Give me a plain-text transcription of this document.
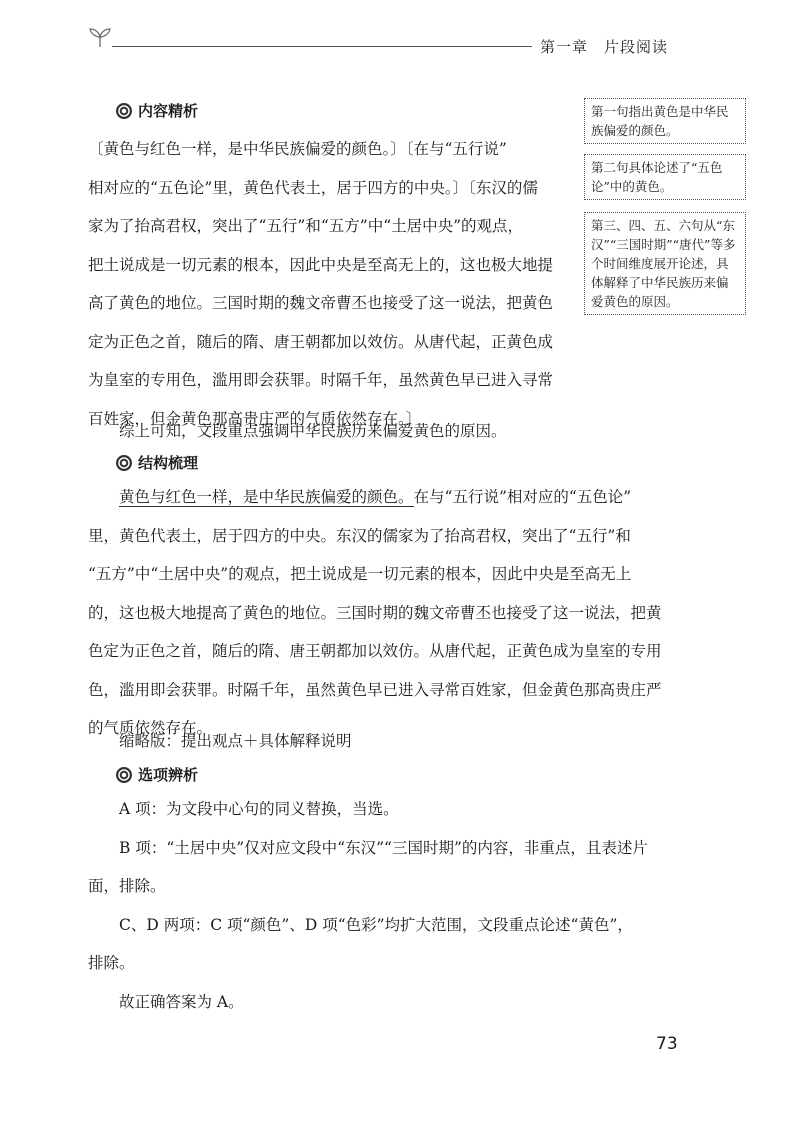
第一章　片段阅读
内容精析
〔黄色与红色一样，是中华民族偏爱的颜色。〕〔在与“五行说”
相对应的“五色论”里，黄色代表土，居于四方的中央。〕〔东汉的儒
家为了抬高君权，突出了“五行”和“五方”中“土居中央”的观点，
把土说成是一切元素的根本，因此中央是至高无上的，这也极大地提
高了黄色的地位。三国时期的魏文帝曹丕也接受了这一说法，把黄色
定为正色之首，随后的隋、唐王朝都加以效仿。从唐代起，正黄色成
为皇室的专用色，滥用即会获罪。时隔千年，虽然黄色早已进入寻常
百姓家，但金黄色那高贵庄严的气质依然存在。〕
第一句指出黄色是中华民族偏爱的颜色。
第二句具体论述了“五色论”中的黄色。
第三、四、五、六句从“东汉”“三国时期”“唐代”等多个时间维度展开论述，具体解释了中华民族历来偏爱黄色的原因。
综上可知，文段重点强调中华民族历来偏爱黄色的原因。
结构梳理
黄色与红色一样，是中华民族偏爱的颜色。在与“五行说”相对应的“五色论”
里，黄色代表土，居于四方的中央。东汉的儒家为了抬高君权，突出了“五行”和
“五方”中“土居中央”的观点，把土说成是一切元素的根本，因此中央是至高无上
的，这也极大地提高了黄色的地位。三国时期的魏文帝曹丕也接受了这一说法，把黄
色定为正色之首，随后的隋、唐王朝都加以效仿。从唐代起，正黄色成为皇室的专用
色，滥用即会获罪。时隔千年，虽然黄色早已进入寻常百姓家，但金黄色那高贵庄严
的气质依然存在。
缩略版：提出观点＋具体解释说明
选项辨析
A 项：为文段中心句的同义替换，当选。
B 项：“土居中央”仅对应文段中“东汉”“三国时期”的内容，非重点，且表述片
面，排除。
C、D 两项：C 项“颜色”、D 项“色彩”均扩大范围，文段重点论述“黄色”，
排除。
故正确答案为 A。
73
